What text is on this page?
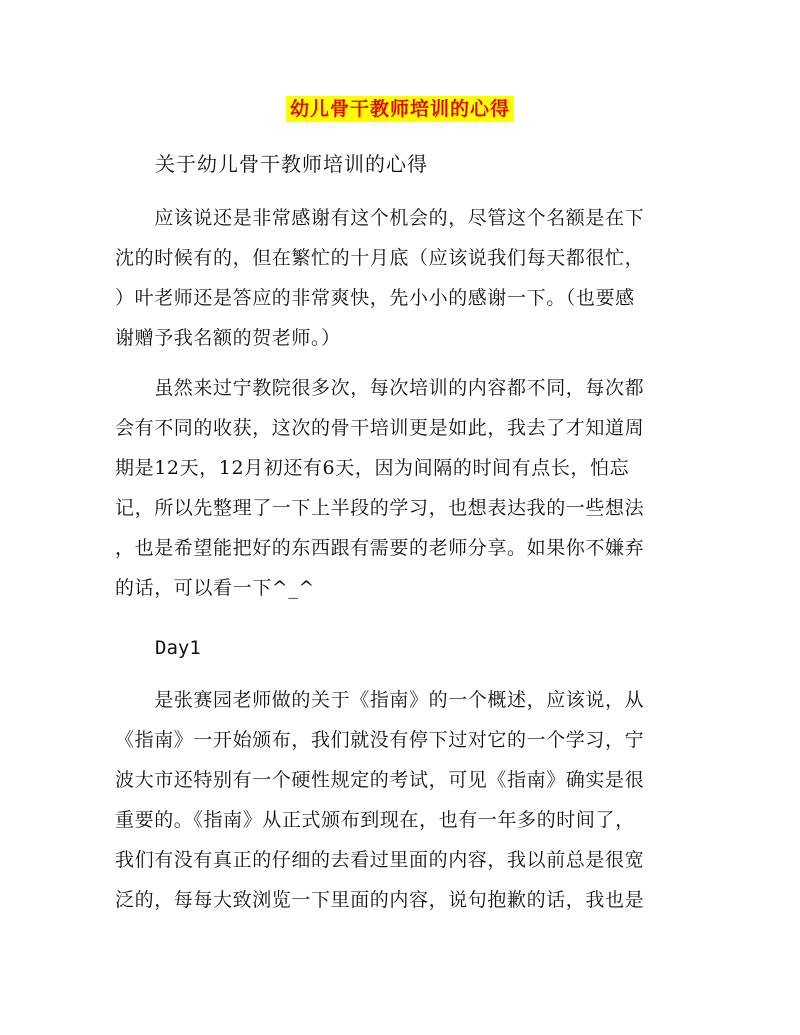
幼儿骨干教师培训的心得
关于幼儿骨干教师培训的心得

　　应该说还是非常感谢有这个机会的，尽管这个名额是在下
沈的时候有的，但在繁忙的十月底（应该说我们每天都很忙，
）叶老师还是答应的非常爽快，先小小的感谢一下。（也要感
谢赠予我名额的贺老师。）

　　虽然来过宁教院很多次，每次培训的内容都不同，每次都
会有不同的收获，这次的骨干培训更是如此，我去了才知道周
期是12天，12月初还有6天，因为间隔的时间有点长，怕忘
记，所以先整理了一下上半段的学习，也想表达我的一些想法
，也是希望能把好的东西跟有需要的老师分享。如果你不嫌弃
的话，可以看一下^_^

Day1

　　是张赛园老师做的关于《指南》的一个概述，应该说，从
《指南》一开始颁布，我们就没有停下过对它的一个学习，宁
波大市还特别有一个硬性规定的考试，可见《指南》确实是很
重要的。《指南》从正式颁布到现在，也有一年多的时间了，
我们有没有真正的仔细的去看过里面的内容，我以前总是很宽
泛的，每每大致浏览一下里面的内容，说句抱歉的话，我也是
